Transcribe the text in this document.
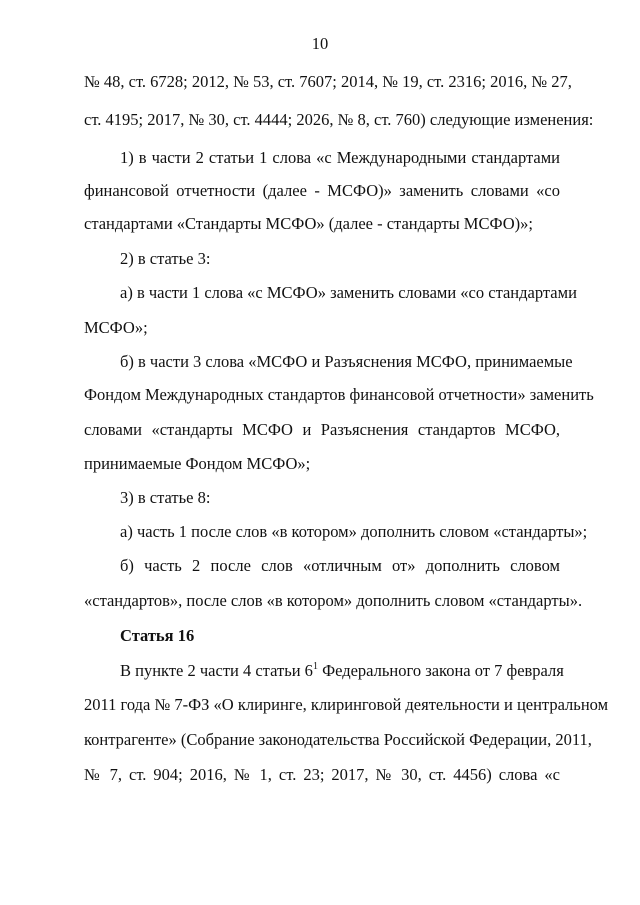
10
№ 48, ст. 6728; 2012, № 53, ст. 7607; 2014, № 19, ст. 2316; 2016, № 27,
ст. 4195; 2017, № 30, ст. 4444; 2026, № 8, ст. 760) следующие изменения:
1) в части 2 статьи 1 слова «с Международными стандартами
финансовой отчетности (далее - МСФО)» заменить словами «со
стандартами «Стандарты МСФО» (далее - стандарты МСФО)»;
2) в статье 3:
а) в части 1 слова «с МСФО» заменить словами «со стандартами
МСФО»;
б) в части 3 слова «МСФО и Разъяснения МСФО, принимаемые
Фондом Международных стандартов финансовой отчетности» заменить
словами «стандарты МСФО и Разъяснения стандартов МСФО,
принимаемые Фондом МСФО»;
3) в статье 8:
а) часть 1 после слов «в котором» дополнить словом «стандарты»;
б) часть 2 после слов «отличным от» дополнить словом
«стандартов», после слов «в котором» дополнить словом «стандарты».
Статья 16
В пункте 2 части 4 статьи $6^1$ Федерального закона от 7 февраля
2011 года № 7-ФЗ «О клиринге, клиринговой деятельности и центральном
контрагенте» (Собрание законодательства Российской Федерации, 2011,
№ 7, ст. 904; 2016, № 1, ст. 23; 2017, № 30, ст. 4456) слова «с
